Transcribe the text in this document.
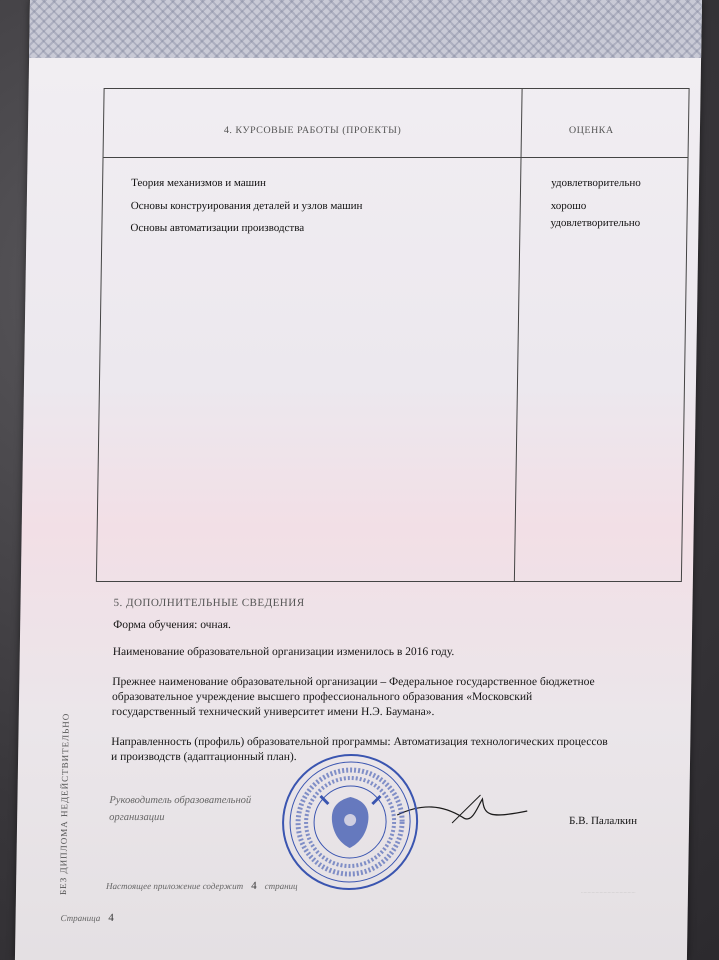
4. КУРСОВЫЕ РАБОТЫ (ПРОЕКТЫ)	ОЦЕНКА
Теория механизмов и машин	удовлетворительно
Основы конструирования деталей и узлов машин	хорошо
Основы автоматизации производства	удовлетворительно
5. ДОПОЛНИТЕЛЬНЫЕ СВЕДЕНИЯ
Форма обучения: очная.
Наименование образовательной организации изменилось в 2016 году.
Прежнее наименование образовательной организации – Федеральное государственное бюджетное
образовательное учреждение высшего профессионального образования «Московский
государственный технический университет имени Н.Э. Баумана».
Направленность (профиль) образовательной программы: Автоматизация технологических процессов
и производств (адаптационный план).
БЕЗ ДИПЛОМА НЕДЕЙСТВИТЕЛЬНО	Руководитель образовательной
организации	Б.В. Палалкин
Настоящее приложение содержит 4 страниц
Страница 4
·········································
